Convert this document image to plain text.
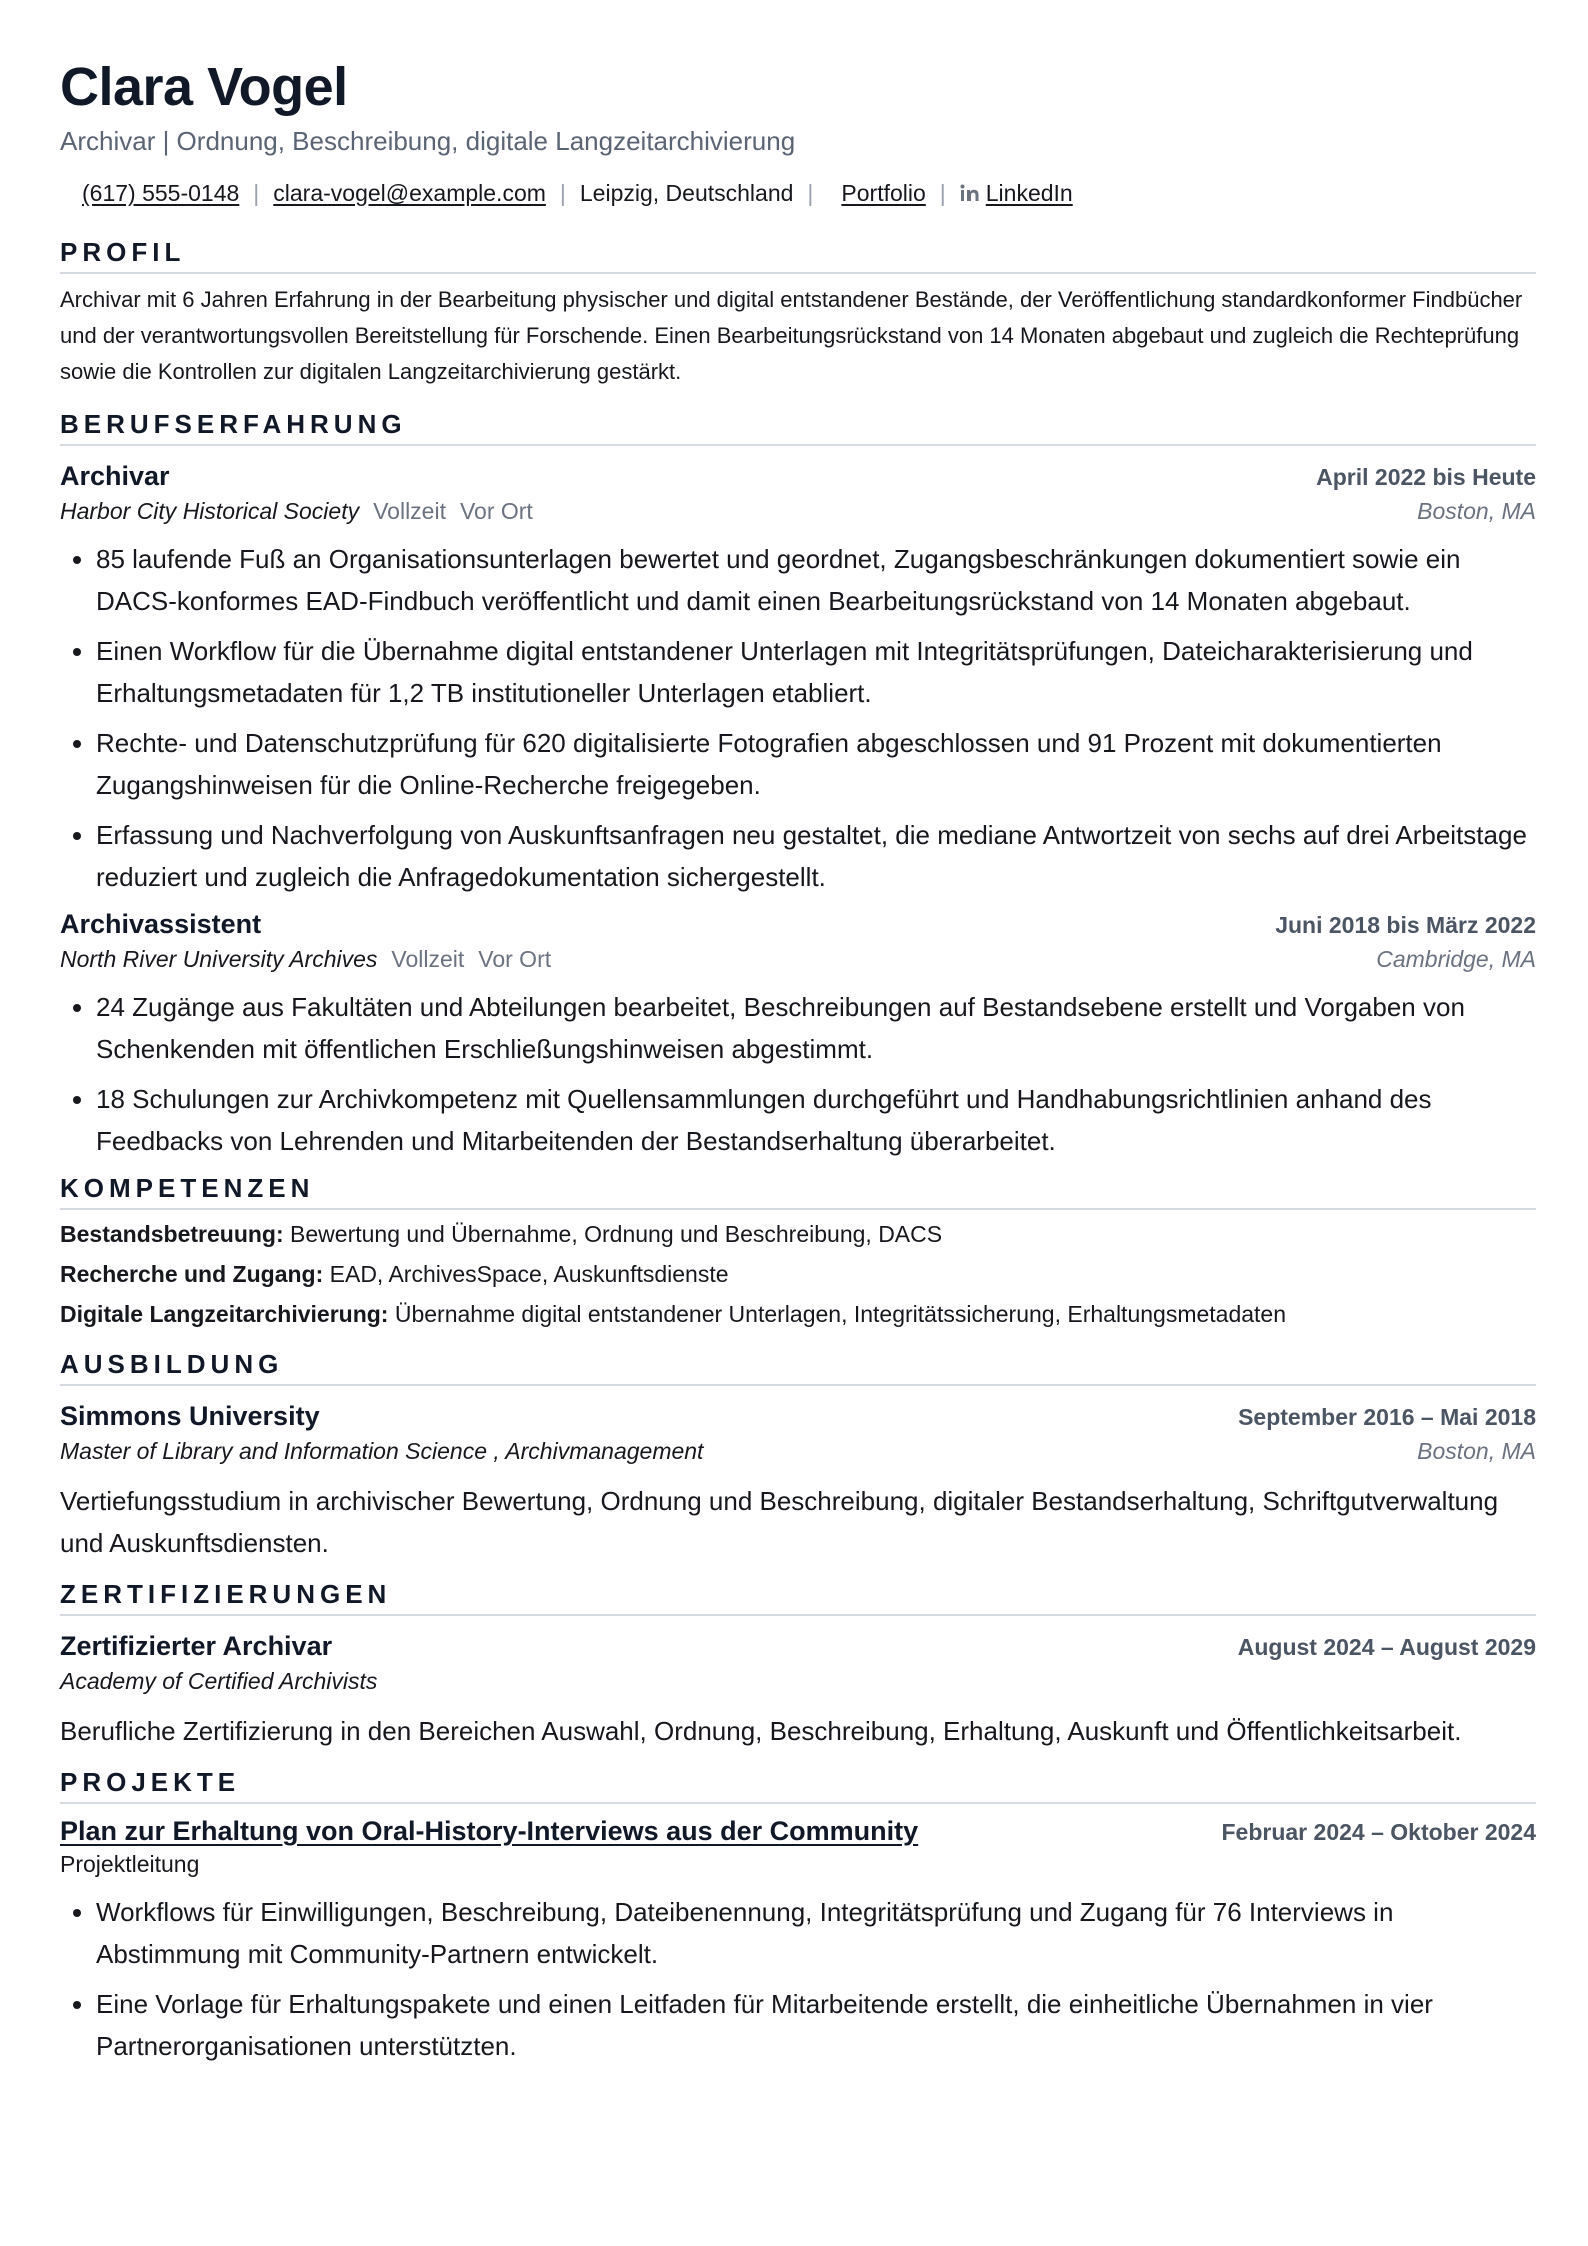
Clara Vogel
Archivar | Ordnung, Beschreibung, digitale Langzeitarchivierung
(617) 555-0148 | clara-vogel@example.com | Leipzig, Deutschland | Portfolio | LinkedIn
PROFIL
Archivar mit 6 Jahren Erfahrung in der Bearbeitung physischer und digital entstandener Bestände, der Veröffentlichung standardkonformer Findbücher und der verantwortungsvollen Bereitstellung für Forschende. Einen Bearbeitungsrückstand von 14 Monaten abgebaut und zugleich die Rechteprüfung sowie die Kontrollen zur digitalen Langzeitarchivierung gestärkt.
BERUFSERFAHRUNG
Archivar	April 2022 bis Heute
Harbor City Historical Society Vollzeit Vor Ort	Boston, MA
• 85 laufende Fuß an Organisationsunterlagen bewertet und geordnet, Zugangsbeschränkungen dokumentiert sowie ein DACS-konformes EAD-Findbuch veröffentlicht und damit einen Bearbeitungsrückstand von 14 Monaten abgebaut.
• Einen Workflow für die Übernahme digital entstandener Unterlagen mit Integritätsprüfungen, Dateicharakterisierung und Erhaltungsmetadaten für 1,2 TB institutioneller Unterlagen etabliert.
• Rechte- und Datenschutzprüfung für 620 digitalisierte Fotografien abgeschlossen und 91 Prozent mit dokumentierten Zugangshinweisen für die Online-Recherche freigegeben.
• Erfassung und Nachverfolgung von Auskunftsanfragen neu gestaltet, die mediane Antwortzeit von sechs auf drei Arbeitstage reduziert und zugleich die Anfragedokumentation sichergestellt.
Archivassistent	Juni 2018 bis März 2022
North River University Archives Vollzeit Vor Ort	Cambridge, MA
• 24 Zugänge aus Fakultäten und Abteilungen bearbeitet, Beschreibungen auf Bestandsebene erstellt und Vorgaben von Schenkenden mit öffentlichen Erschließungshinweisen abgestimmt.
• 18 Schulungen zur Archivkompetenz mit Quellensammlungen durchgeführt und Handhabungsrichtlinien anhand des Feedbacks von Lehrenden und Mitarbeitenden der Bestandserhaltung überarbeitet.
KOMPETENZEN
Bestandsbetreuung: Bewertung und Übernahme, Ordnung und Beschreibung, DACS
Recherche und Zugang: EAD, ArchivesSpace, Auskunftsdienste
Digitale Langzeitarchivierung: Übernahme digital entstandener Unterlagen, Integritätssicherung, Erhaltungsmetadaten
AUSBILDUNG
Simmons University	September 2016 – Mai 2018
Master of Library and Information Science , Archivmanagement	Boston, MA
Vertiefungsstudium in archivischer Bewertung, Ordnung und Beschreibung, digitaler Bestandserhaltung, Schriftgutverwaltung und Auskunftsdiensten.
ZERTIFIZIERUNGEN
Zertifizierter Archivar	August 2024 – August 2029
Academy of Certified Archivists
Berufliche Zertifizierung in den Bereichen Auswahl, Ordnung, Beschreibung, Erhaltung, Auskunft und Öffentlichkeitsarbeit.
PROJEKTE
Plan zur Erhaltung von Oral-History-Interviews aus der Community	Februar 2024 – Oktober 2024
Projektleitung
• Workflows für Einwilligungen, Beschreibung, Dateibenennung, Integritätsprüfung und Zugang für 76 Interviews in Abstimmung mit Community-Partnern entwickelt.
• Eine Vorlage für Erhaltungspakete und einen Leitfaden für Mitarbeitende erstellt, die einheitliche Übernahmen in vier Partnerorganisationen unterstützten.
